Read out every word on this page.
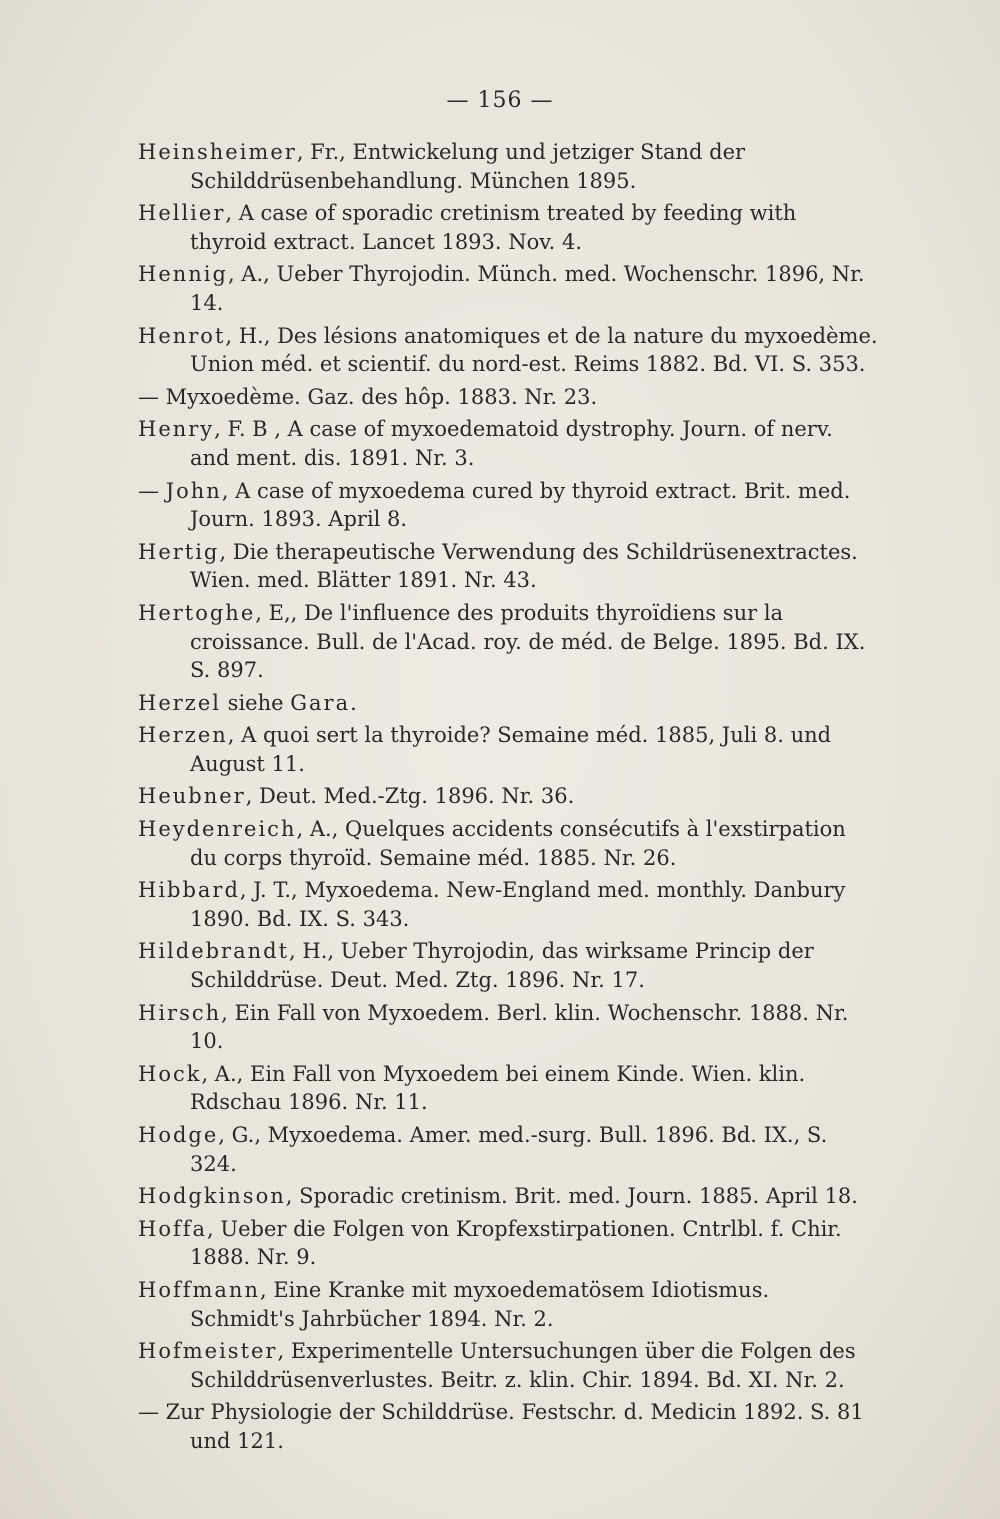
— 156 —
Heinsheimer, Fr., Entwickelung und jetziger Stand der Schilddrüsenbehandlung. München 1895.
Hellier, A case of sporadic cretinism treated by feeding with thyroid extract. Lancet 1893. Nov. 4.
Hennig, A., Ueber Thyrojodin. Münch. med. Wochenschr. 1896, Nr. 14.
Henrot, H., Des lésions anatomiques et de la nature du myxoedème. Union méd. et scientif. du nord-est. Reims 1882. Bd. VI. S. 353.
— Myxoedème. Gaz. des hôp. 1883. Nr. 23.
Henry, F. B , A case of myxoedematoid dystrophy. Journ. of nerv. and ment. dis. 1891. Nr. 3.
— John, A case of myxoedema cured by thyroid extract. Brit. med. Journ. 1893. April 8.
Hertig, Die therapeutische Verwendung des Schildrüsenextractes. Wien. med. Blätter 1891. Nr. 43.
Hertoghe, E,, De l'influence des produits thyroïdiens sur la croissance. Bull. de l'Acad. roy. de méd. de Belge. 1895. Bd. IX. S. 897.
Herzel siehe Gara.
Herzen, A quoi sert la thyroide? Semaine méd. 1885, Juli 8. und August 11.
Heubner, Deut. Med.-Ztg. 1896. Nr. 36.
Heydenreich, A., Quelques accidents consécutifs à l'exstirpation du corps thyroïd. Semaine méd. 1885. Nr. 26.
Hibbard, J. T., Myxoedema. New-England med. monthly. Danbury 1890. Bd. IX. S. 343.
Hildebrandt, H., Ueber Thyrojodin, das wirksame Princip der Schilddrüse. Deut. Med. Ztg. 1896. Nr. 17.
Hirsch, Ein Fall von Myxoedem. Berl. klin. Wochenschr. 1888. Nr. 10.
Hock, A., Ein Fall von Myxoedem bei einem Kinde. Wien. klin. Rdschau 1896. Nr. 11.
Hodge, G., Myxoedema. Amer. med.-surg. Bull. 1896. Bd. IX., S. 324.
Hodgkinson, Sporadic cretinism. Brit. med. Journ. 1885. April 18.
Hoffa, Ueber die Folgen von Kropfexstirpationen. Cntrlbl. f. Chir. 1888. Nr. 9.
Hoffmann, Eine Kranke mit myxoedematösem Idiotismus. Schmidt's Jahrbücher 1894. Nr. 2.
Hofmeister, Experimentelle Untersuchungen über die Folgen des Schilddrüsenverlustes. Beitr. z. klin. Chir. 1894. Bd. XI. Nr. 2.
— Zur Physiologie der Schilddrüse. Festschr. d. Medicin 1892. S. 81 und 121.
